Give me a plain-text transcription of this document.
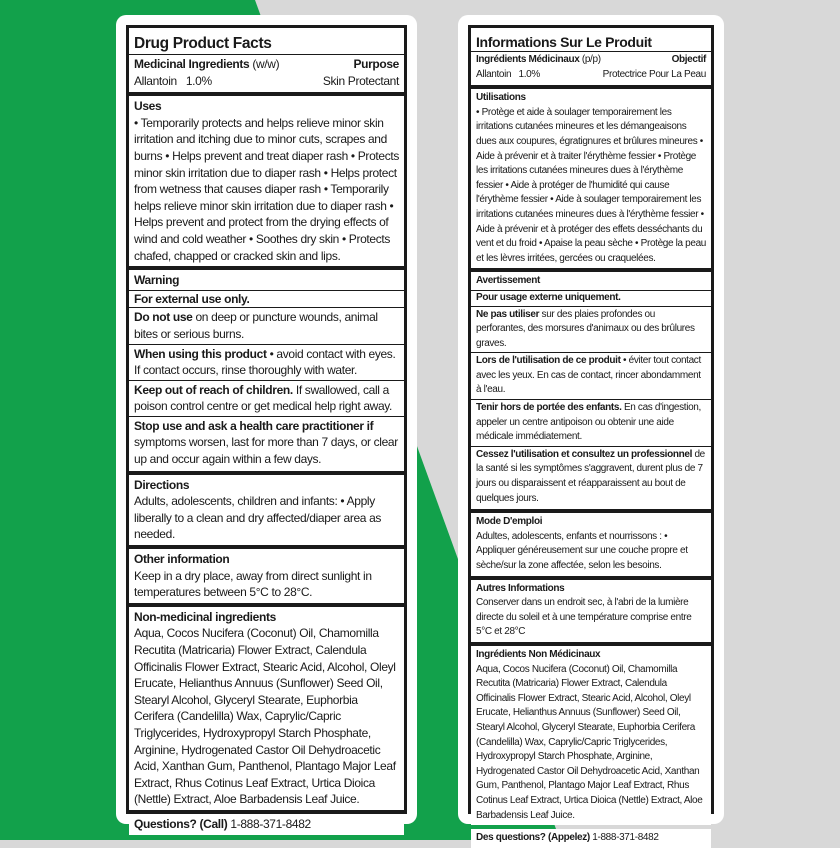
Drug Product Facts
Medicinal Ingredients (w/w)	Purpose
Allantoin   1.0%	Skin Protectant
Uses
• Temporarily protects and helps relieve minor skin irritation and itching due to minor cuts, scrapes and burns • Helps prevent and treat diaper rash • Protects minor skin irritation due to diaper rash • Helps protect from wetness that causes diaper rash • Temporarily helps relieve minor skin irritation due to diaper rash • Helps prevent and protect from the drying effects of wind and cold weather • Soothes dry skin • Protects chafed, chapped or cracked skin and lips.
Warning
For external use only.
Do not use on deep or puncture wounds, animal bites or serious burns.
When using this product • avoid contact with eyes. If contact occurs, rinse thoroughly with water.
Keep out of reach of children. If swallowed, call a poison control centre or get medical help right away.
Stop use and ask a health care practitioner if symptoms worsen, last for more than 7 days, or clear up and occur again within a few days.
Directions
Adults, adolescents, children and infants: • Apply liberally to a clean and dry affected/diaper area as needed.
Other information
Keep in a dry place, away from direct sunlight in temperatures between 5°C to 28°C.
Non-medicinal ingredients
Aqua, Cocos Nucifera (Coconut) Oil, Chamomilla Recutita (Matricaria) Flower Extract, Calendula Officinalis Flower Extract, Stearic Acid, Alcohol, Oleyl Erucate, Helianthus Annuus (Sunflower) Seed Oil, Stearyl Alcohol, Glyceryl Stearate, Euphorbia Cerifera (Candelilla) Wax, Caprylic/Capric Triglycerides, Hydroxypropyl Starch Phosphate, Arginine, Hydrogenated Castor Oil Dehydroacetic Acid, Xanthan Gum, Panthenol, Plantago Major Leaf Extract, Rhus Cotinus Leaf Extract, Urtica Dioica (Nettle) Extract, Aloe Barbadensis Leaf Juice.
Questions? (Call) 1-888-371-8482
Informations Sur Le Produit
Ingrédients Médicinaux (p/p)	Objectif
Allantoin   1.0%	Protectrice Pour La Peau
Utilisations
• Protège et aide à soulager temporairement les irritations cutanées mineures et les démangeaisons dues aux coupures, égratignures et brûlures mineures • Aide à prévenir et à traiter l'érythème fessier • Protège les irritations cutanées mineures dues à l'érythème fessier • Aide à protéger de l'humidité qui cause l'érythème fessier • Aide à soulager temporairement les irritations cutanées mineures dues à l'érythème fessier • Aide à prévenir et à protéger des effets desséchants du vent et du froid • Apaise la peau sèche • Protège la peau et les lèvres irritées, gercées ou craquelées.
Avertissement
Pour usage externe uniquement.
Ne pas utiliser sur des plaies profondes ou perforantes, des morsures d'animaux ou des brûlures graves.
Lors de l'utilisation de ce produit • éviter tout contact avec les yeux. En cas de contact, rincer abondamment à l'eau.
Tenir hors de portée des enfants. En cas d'ingestion, appeler un centre antipoison ou obtenir une aide médicale immédiatement.
Cessez l'utilisation et consultez un professionnel de la santé si les symptômes s'aggravent, durent plus de 7 jours ou disparaissent et réapparaissent au bout de quelques jours.
Mode D'emploi
Adultes, adolescents, enfants et nourrissons : • Appliquer généreusement sur une couche propre et sèche/sur la zone affectée, selon les besoins.
Autres Informations
Conserver dans un endroit sec, à l'abri de la lumière directe du soleil et à une température comprise entre 5°C et 28°C
Ingrédients Non Médicinaux
Aqua, Cocos Nucifera (Coconut) Oil, Chamomilla Recutita (Matricaria) Flower Extract, Calendula Officinalis Flower Extract, Stearic Acid, Alcohol, Oleyl Erucate, Helianthus Annuus (Sunflower) Seed Oil, Stearyl Alcohol, Glyceryl Stearate, Euphorbia Cerifera (Candelilla) Wax, Caprylic/Capric Triglycerides, Hydroxypropyl Starch Phosphate, Arginine, Hydrogenated Castor Oil Dehydroacetic Acid, Xanthan Gum, Panthenol, Plantago Major Leaf Extract, Rhus Cotinus Leaf Extract, Urtica Dioica (Nettle) Extract, Aloe Barbadensis Leaf Juice.
Des questions? (Appelez) 1-888-371-8482
